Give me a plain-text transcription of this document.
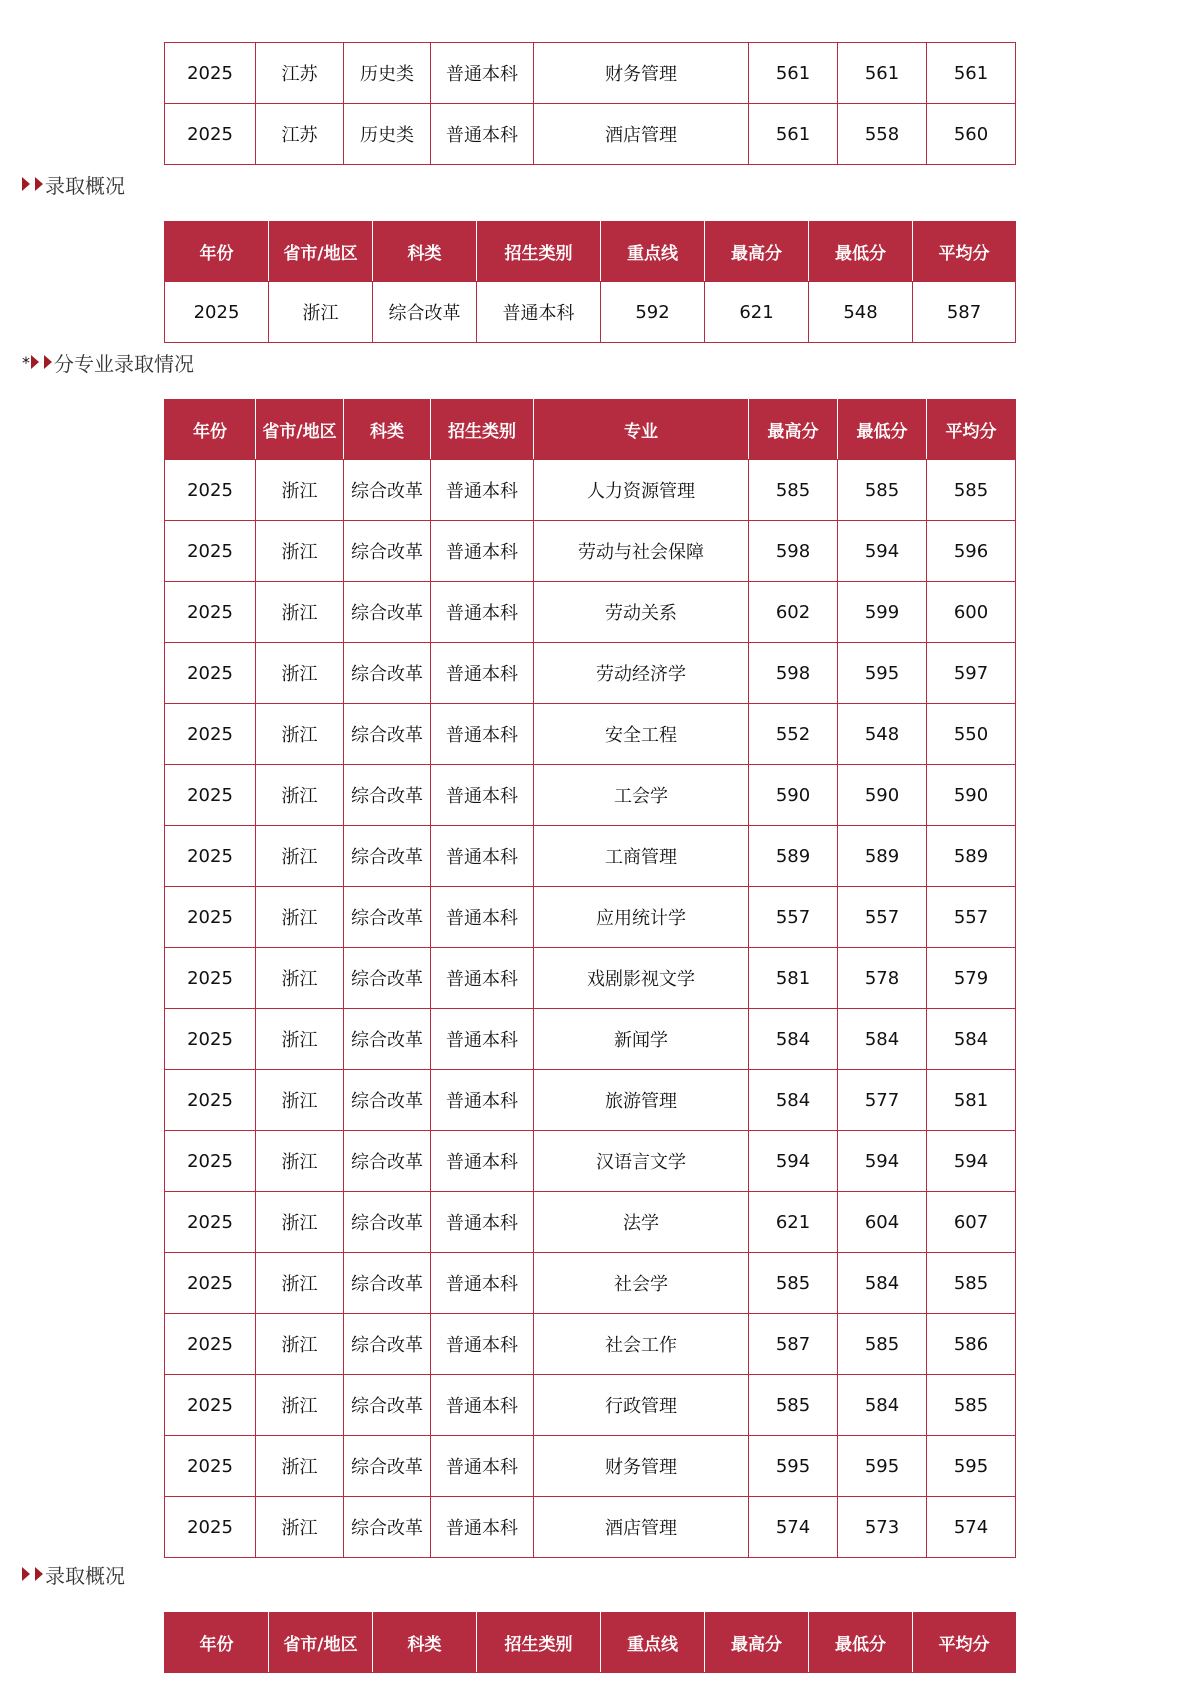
2025	江苏	历史类	普通本科	财务管理	561	561	561
2025	江苏	历史类	普通本科	酒店管理	561	558	560
录取概况
年份	省市/地区	科类	招生类别	重点线	最高分	最低分	平均分
2025	浙江	综合改革	普通本科	592	621	548	587
* 分专业录取情况
年份	省市/地区	科类	招生类别	专业	最高分	最低分	平均分
2025	浙江	综合改革	普通本科	人力资源管理	585	585	585
2025	浙江	综合改革	普通本科	劳动与社会保障	598	594	596
2025	浙江	综合改革	普通本科	劳动关系	602	599	600
2025	浙江	综合改革	普通本科	劳动经济学	598	595	597
2025	浙江	综合改革	普通本科	安全工程	552	548	550
2025	浙江	综合改革	普通本科	工会学	590	590	590
2025	浙江	综合改革	普通本科	工商管理	589	589	589
2025	浙江	综合改革	普通本科	应用统计学	557	557	557
2025	浙江	综合改革	普通本科	戏剧影视文学	581	578	579
2025	浙江	综合改革	普通本科	新闻学	584	584	584
2025	浙江	综合改革	普通本科	旅游管理	584	577	581
2025	浙江	综合改革	普通本科	汉语言文学	594	594	594
2025	浙江	综合改革	普通本科	法学	621	604	607
2025	浙江	综合改革	普通本科	社会学	585	584	585
2025	浙江	综合改革	普通本科	社会工作	587	585	586
2025	浙江	综合改革	普通本科	行政管理	585	584	585
2025	浙江	综合改革	普通本科	财务管理	595	595	595
2025	浙江	综合改革	普通本科	酒店管理	574	573	574
录取概况
年份	省市/地区	科类	招生类别	重点线	最高分	最低分	平均分
